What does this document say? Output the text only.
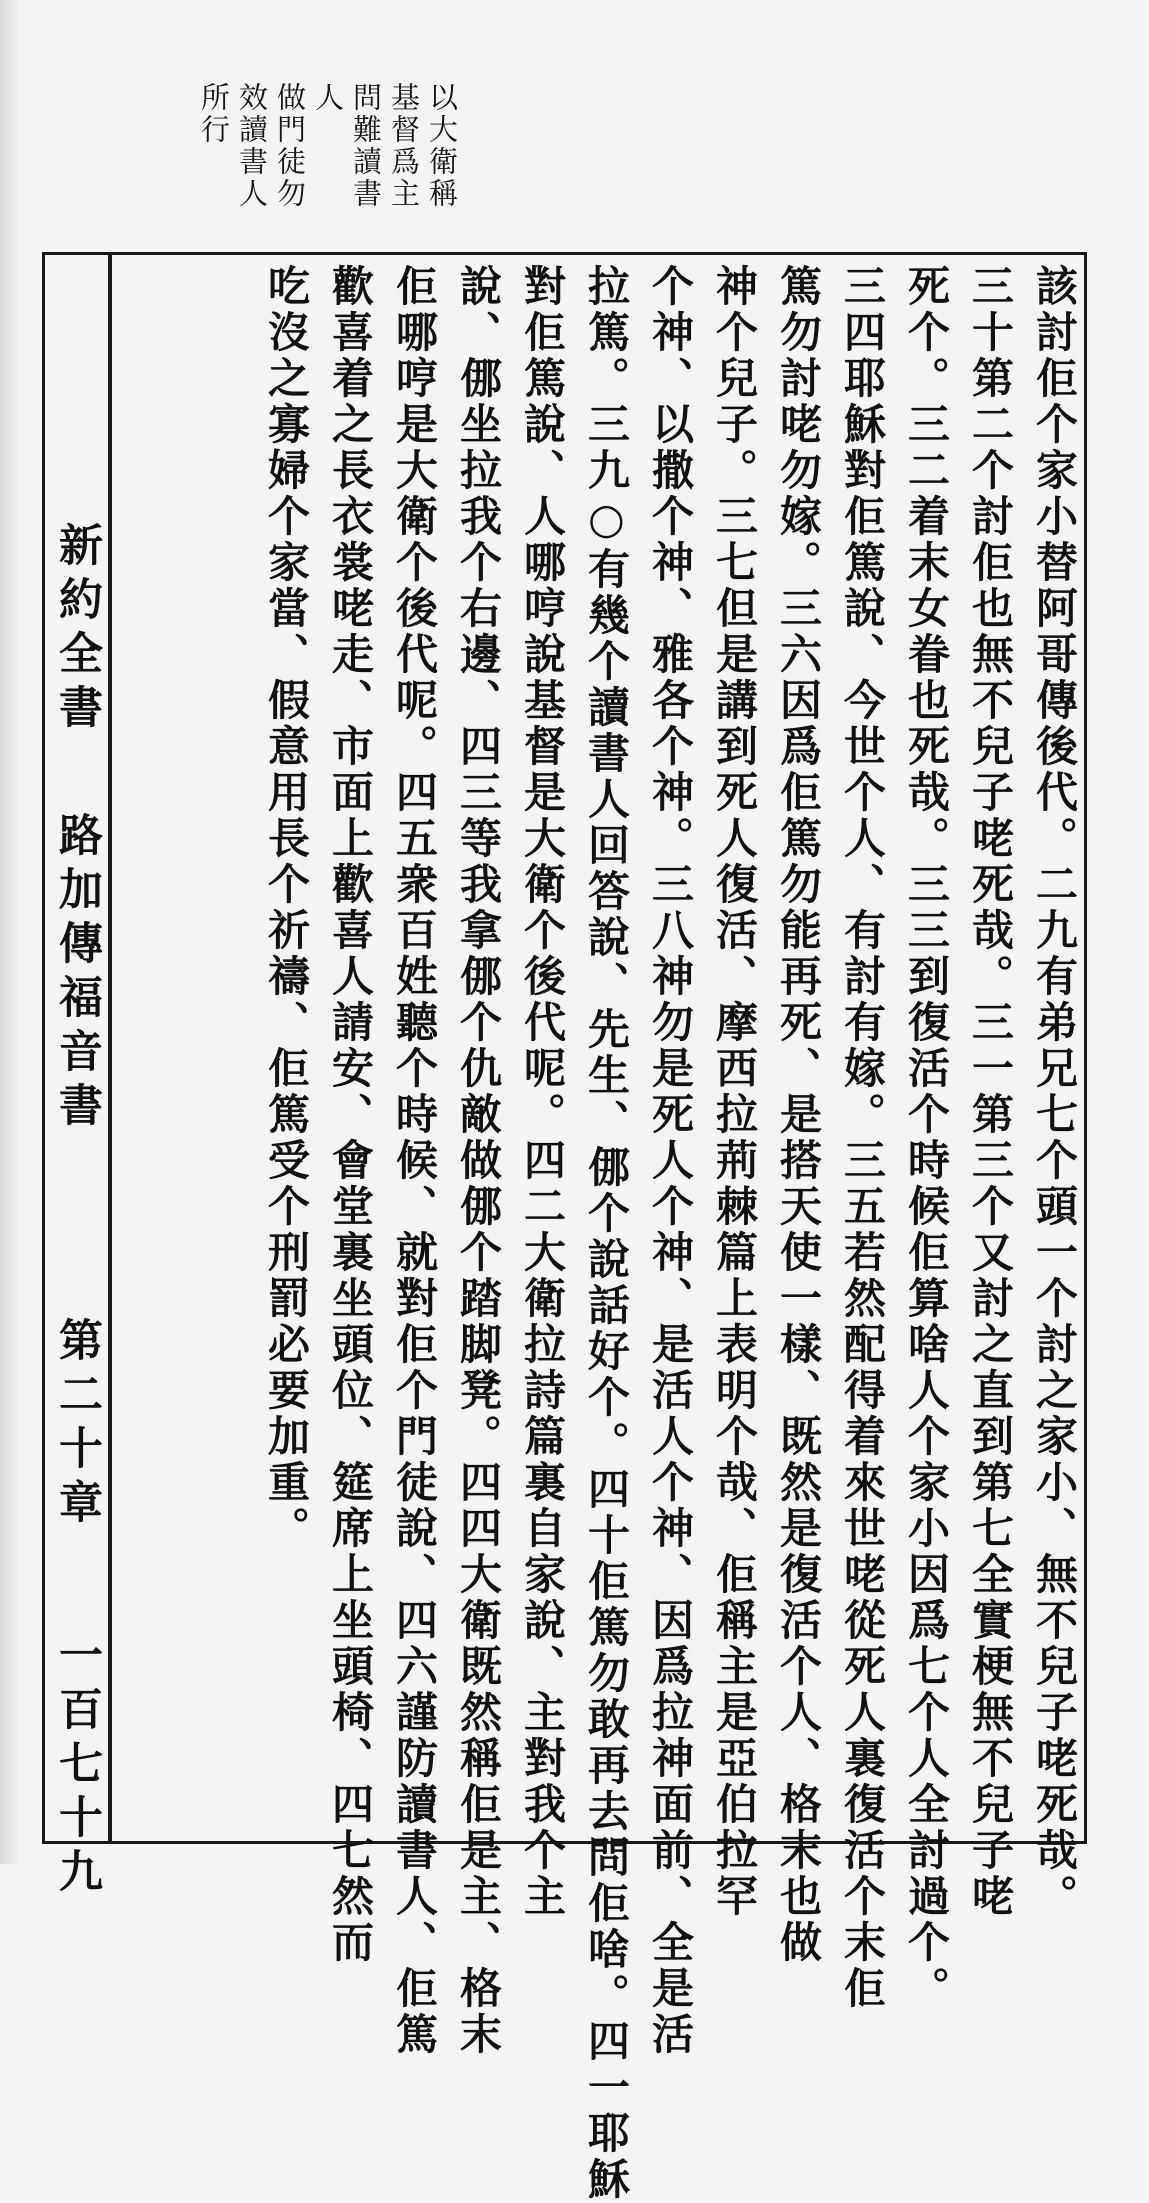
以大衛稱
基督爲主
問難讀書
人
做門徒勿
效讀書人
所行
新約全書
路加傳福音書
第二十章
一百七十九	該討佢个家小替阿哥傳後代。二九有弟兄七个頭一个討之家小、無不兒子咾死哉。
三十第二个討佢也無不兒子咾死哉。三一第三个又討之直到第七全實梗無不兒子咾
死个。三二着末女眷也死哉。三三到復活个時候佢算啥人个家小因爲七个人全討過个。
三四耶穌對佢篤說、今世个人、有討有嫁。三五若然配得着來世咾從死人裏復活个末佢
篤勿討咾勿嫁。三六因爲佢篤勿能再死、是搭天使一樣、既然是復活个人、格末也做
神个兒子。三七但是講到死人復活、摩西拉荊棘篇上表明个哉、佢稱主是亞伯拉罕
个神、以撒个神、雅各个神。三八神勿是死人个神、是活人个神、因爲拉神面前、全是活
拉篤。三九○有幾个讀書人回答說、先生、㑚个說話好个。四十佢篤勿敢再去問佢啥。四一耶穌
對佢篤說、人哪哼說基督是大衛个後代呢。四二大衛拉詩篇裏自家說、主對我个主
說、㑚坐拉我个右邊、四三等我拿㑚个仇敵做㑚个踏脚凳。四四大衛既然稱佢是主、格末
佢哪哼是大衛个後代呢。四五衆百姓聽个時候、就對佢个門徒說、四六謹防讀書人、佢篤
歡喜着之長衣裳咾走、市面上歡喜人請安、會堂裏坐頭位、筵席上坐頭椅、四七然而
吃沒之寡婦个家當、假意用長个祈禱、佢篤受个刑罰必要加重。
